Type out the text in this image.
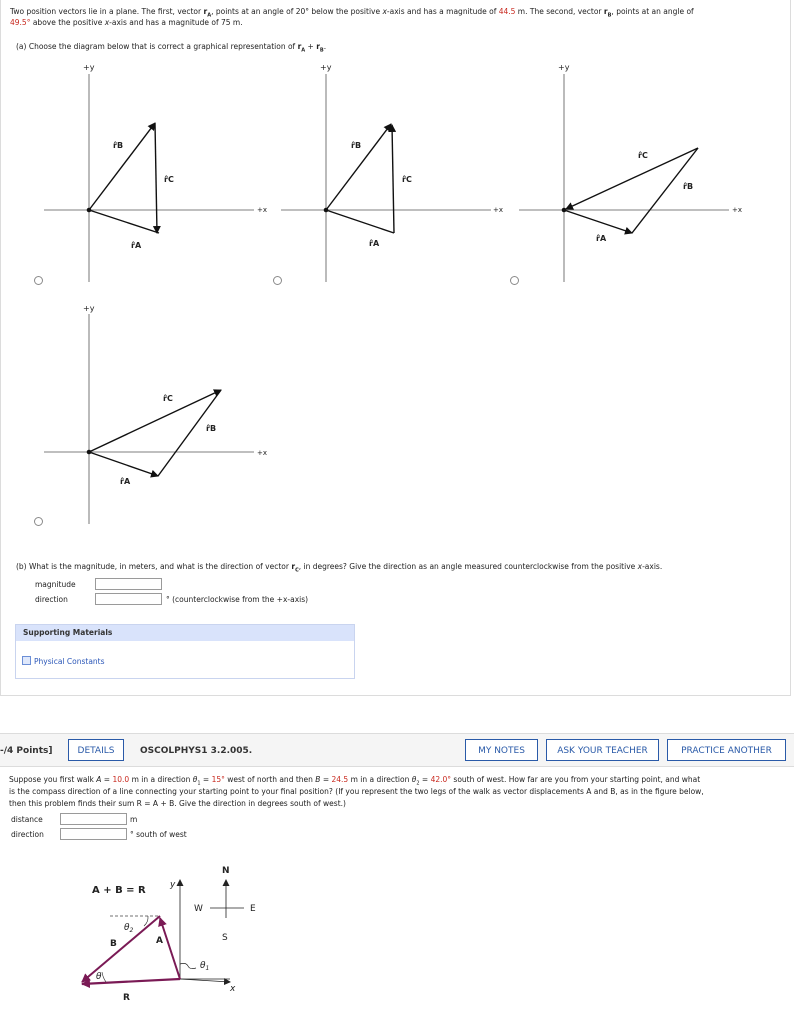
Two position vectors lie in a plane. The first, vector $r_A$, points at an angle of 20° below the positive x-axis and has a magnitude of 44.5 m. The second, vector $r_B$, points at an angle of
49.5° above the positive x-axis and has a magnitude of 75 m.
(a) Choose the diagram below that is correct a graphical representation of $r_A + r_B$.
+y
+x
r̂B
r̂C
r̂A
+y
+x
r̂B
r̂C
r̂A
+y
+x
r̂C
r̂B
r̂A
+y
+x
r̂C
r̂B
r̂A
(b) What is the magnitude, in meters, and what is the direction of vector $r_C$, in degrees? Give the direction as an angle measured counterclockwise from the positive x-axis.
magnitude
direction	° (counterclockwise from the +x-axis)
Supporting Materials
Physical Constants
-/4 Points]	DETAILS	OSCOLPHYS1 3.2.005.	MY NOTES	ASK YOUR TEACHER	PRACTICE ANOTHER
Suppose you first walk A = 10.0 m in a direction $\theta_1 = 15^\circ$ west of north and then B = 24.5 m in a direction $\theta_2 = 42.0^\circ$ south of west. How far are you from your starting point, and what
is the compass direction of a line connecting your starting point to your final position? (If you represent the two legs of the walk as vector displacements A and B, as in the figure below,
then this problem finds their sum R = A + B. Give the direction in degrees south of west.)
distance	m
direction	° south of west
A + B = R
N
W	E
S
y
x
A
B
R
$\theta_2$
θ
$\theta_1$
